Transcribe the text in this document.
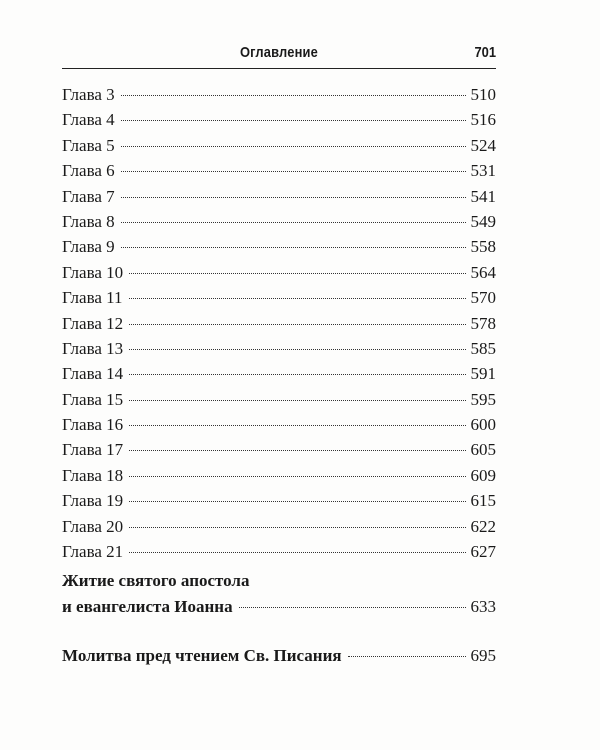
Оглавление	701
Глава 3	510
Глава 4	516
Глава 5	524
Глава 6	531
Глава 7	541
Глава 8	549
Глава 9	558
Глава 10	564
Глава 11	570
Глава 12	578
Глава 13	585
Глава 14	591
Глава 15	595
Глава 16	600
Глава 17	605
Глава 18	609
Глава 19	615
Глава 20	622
Глава 21	627
Житие святого апостола
и евангелиста Иоанна	633
Молитва пред чтением Св. Писания	695
